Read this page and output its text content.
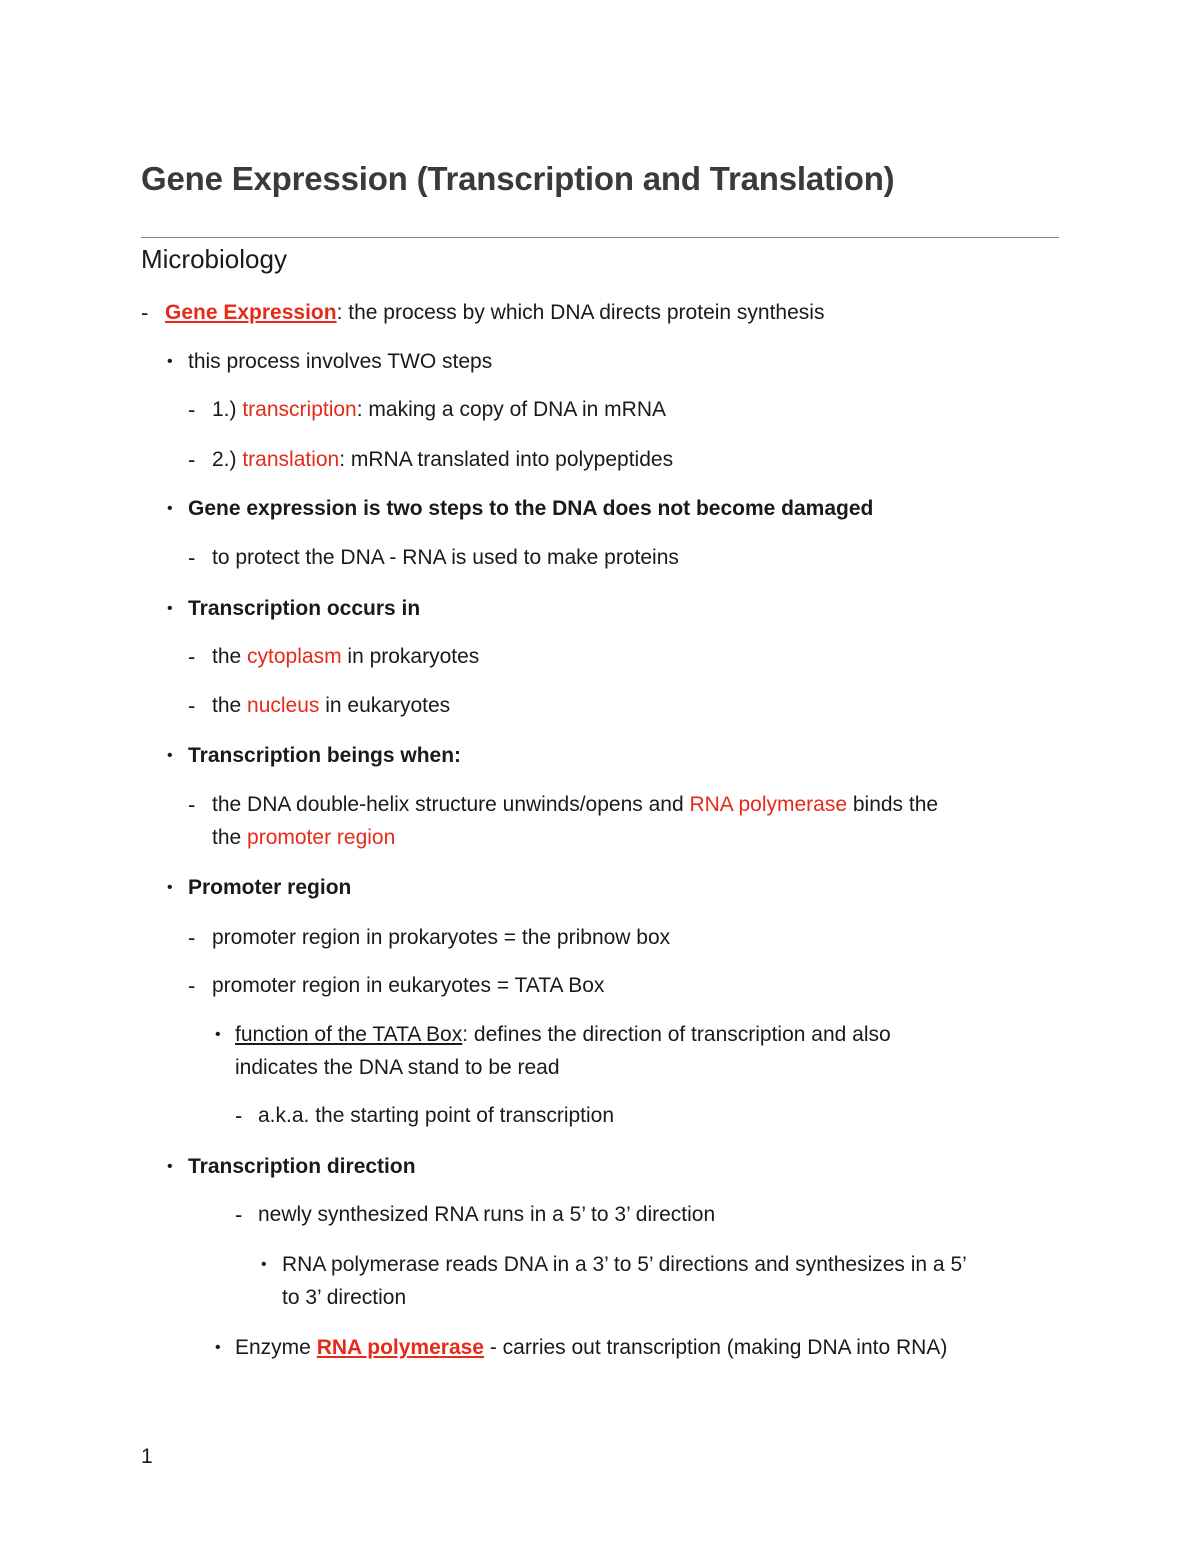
Gene Expression (Transcription and Translation)
Microbiology
- Gene Expression: the process by which DNA directs protein synthesis
• this process involves TWO steps
- 1.) transcription: making a copy of DNA in mRNA
- 2.) translation: mRNA translated into polypeptides
• Gene expression is two steps to the DNA does not become damaged
- to protect the DNA - RNA is used to make proteins
• Transcription occurs in
- the cytoplasm in prokaryotes
- the nucleus in eukaryotes
• Transcription beings when:
- the DNA double-helix structure unwinds/opens and RNA polymerase binds the
the promoter region
• Promoter region
- promoter region in prokaryotes = the pribnow box
- promoter region in eukaryotes = TATA Box
• function of the TATA Box: defines the direction of transcription and also
indicates the DNA stand to be read
- a.k.a. the starting point of transcription
• Transcription direction
- newly synthesized RNA runs in a 5’ to 3’ direction
• RNA polymerase reads DNA in a 3’ to 5’ directions and synthesizes in a 5’
to 3’ direction
• Enzyme RNA polymerase - carries out transcription (making DNA into RNA)
1
